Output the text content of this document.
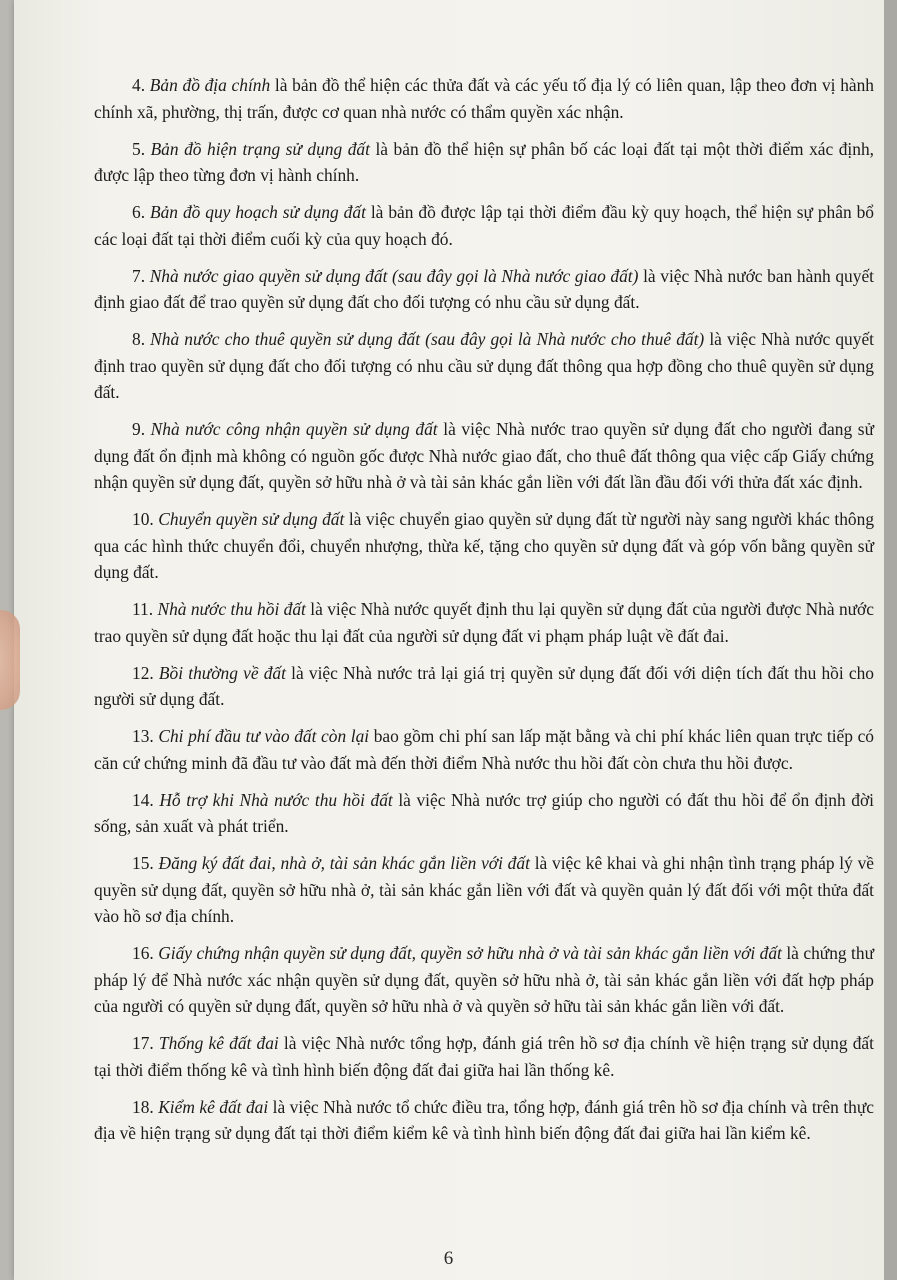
4. Bản đồ địa chính là bản đồ thể hiện các thửa đất và các yếu tố địa lý có liên quan, lập theo đơn vị hành chính xã, phường, thị trấn, được cơ quan nhà nước có thẩm quyền xác nhận.

5. Bản đồ hiện trạng sử dụng đất là bản đồ thể hiện sự phân bố các loại đất tại một thời điểm xác định, được lập theo từng đơn vị hành chính.

6. Bản đồ quy hoạch sử dụng đất là bản đồ được lập tại thời điểm đầu kỳ quy hoạch, thể hiện sự phân bổ các loại đất tại thời điểm cuối kỳ của quy hoạch đó.

7. Nhà nước giao quyền sử dụng đất (sau đây gọi là Nhà nước giao đất) là việc Nhà nước ban hành quyết định giao đất để trao quyền sử dụng đất cho đối tượng có nhu cầu sử dụng đất.

8. Nhà nước cho thuê quyền sử dụng đất (sau đây gọi là Nhà nước cho thuê đất) là việc Nhà nước quyết định trao quyền sử dụng đất cho đối tượng có nhu cầu sử dụng đất thông qua hợp đồng cho thuê quyền sử dụng đất.

9. Nhà nước công nhận quyền sử dụng đất là việc Nhà nước trao quyền sử dụng đất cho người đang sử dụng đất ổn định mà không có nguồn gốc được Nhà nước giao đất, cho thuê đất thông qua việc cấp Giấy chứng nhận quyền sử dụng đất, quyền sở hữu nhà ở và tài sản khác gắn liền với đất lần đầu đối với thửa đất xác định.

10. Chuyển quyền sử dụng đất là việc chuyển giao quyền sử dụng đất từ người này sang người khác thông qua các hình thức chuyển đổi, chuyển nhượng, thừa kế, tặng cho quyền sử dụng đất và góp vốn bằng quyền sử dụng đất.

11. Nhà nước thu hồi đất là việc Nhà nước quyết định thu lại quyền sử dụng đất của người được Nhà nước trao quyền sử dụng đất hoặc thu lại đất của người sử dụng đất vi phạm pháp luật về đất đai.

12. Bồi thường về đất là việc Nhà nước trả lại giá trị quyền sử dụng đất đối với diện tích đất thu hồi cho người sử dụng đất.

13. Chi phí đầu tư vào đất còn lại bao gồm chi phí san lấp mặt bằng và chi phí khác liên quan trực tiếp có căn cứ chứng minh đã đầu tư vào đất mà đến thời điểm Nhà nước thu hồi đất còn chưa thu hồi được.

14. Hỗ trợ khi Nhà nước thu hồi đất là việc Nhà nước trợ giúp cho người có đất thu hồi để ổn định đời sống, sản xuất và phát triển.

15. Đăng ký đất đai, nhà ở, tài sản khác gắn liền với đất là việc kê khai và ghi nhận tình trạng pháp lý về quyền sử dụng đất, quyền sở hữu nhà ở, tài sản khác gắn liền với đất và quyền quản lý đất đối với một thửa đất vào hồ sơ địa chính.

16. Giấy chứng nhận quyền sử dụng đất, quyền sở hữu nhà ở và tài sản khác gắn liền với đất là chứng thư pháp lý để Nhà nước xác nhận quyền sử dụng đất, quyền sở hữu nhà ở, tài sản khác gắn liền với đất hợp pháp của người có quyền sử dụng đất, quyền sở hữu nhà ở và quyền sở hữu tài sản khác gắn liền với đất.

17. Thống kê đất đai là việc Nhà nước tổng hợp, đánh giá trên hồ sơ địa chính về hiện trạng sử dụng đất tại thời điểm thống kê và tình hình biến động đất đai giữa hai lần thống kê.

18. Kiểm kê đất đai là việc Nhà nước tổ chức điều tra, tổng hợp, đánh giá trên hồ sơ địa chính và trên thực địa về hiện trạng sử dụng đất tại thời điểm kiểm kê và tình hình biến động đất đai giữa hai lần kiểm kê.

6
